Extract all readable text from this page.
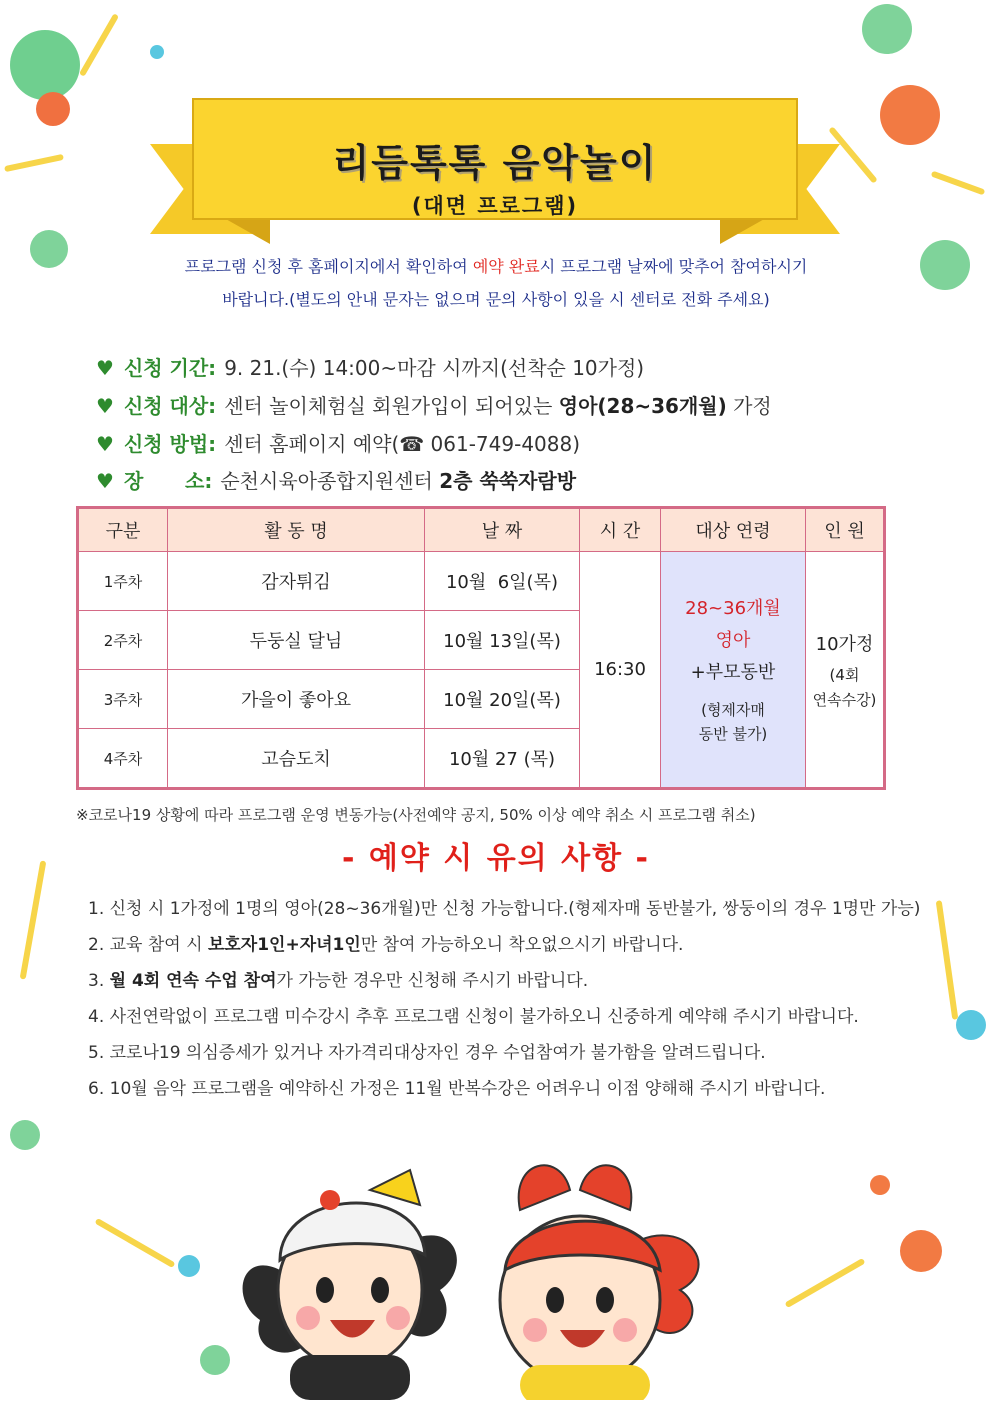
리듬톡톡 음악놀이
(대면 프로그램)
프로그램 신청 후 홈페이지에서 확인하여 예약 완료시 프로그램 날짜에 맞추어 참여하시기
바랍니다.(별도의 안내 문자는 없으며 문의 사항이 있을 시 센터로 전화 주세요)
♥ 신청 기간: 9. 21.(수) 14:00~마감 시까지(선착순 10가정)
♥ 신청 대상: 센터 놀이체험실 회원가입이 되어있는 영아(28~36개월) 가정
♥ 신청 방법: 센터 홈페이지 예약(☎ 061-749-4088)
♥ 장      소: 순천시육아종합지원센터 2층 쑥쑥자람방
구분	활 동 명	날 짜	시 간	대상 연령	인 원
1주차	감자튀김	10월  6일(목)	16:30	28~36개월
영아
+부모동반
(형제자매
동반 불가)	10가정
(4회
연속수강)

2주차	두둥실 달님	10월 13일(목)			
3주차	가을이 좋아요	10월 20일(목)			
4주차	고슴도치	10월 27 (목)			
※코로나19 상황에 따라 프로그램 운영 변동가능(사전예약 공지, 50% 이상 예약 취소 시 프로그램 취소)
- 예약 시 유의 사항 -
1. 신청 시 1가정에 1명의 영아(28~36개월)만 신청 가능합니다.(형제자매 동반불가, 쌍둥이의 경우 1명만 가능)
2. 교육 참여 시 보호자1인+자녀1인만 참여 가능하오니 착오없으시기 바랍니다.
3. 월 4회 연속 수업 참여가 가능한 경우만 신청해 주시기 바랍니다.
4. 사전연락없이 프로그램 미수강시 추후 프로그램 신청이 불가하오니 신중하게 예약해 주시기 바랍니다.
5. 코로나19 의심증세가 있거나 자가격리대상자인 경우 수업참여가 불가함을 알려드립니다.
6. 10월 음악 프로그램을 예약하신 가정은 11월 반복수강은 어려우니 이점 양해해 주시기 바랍니다.
